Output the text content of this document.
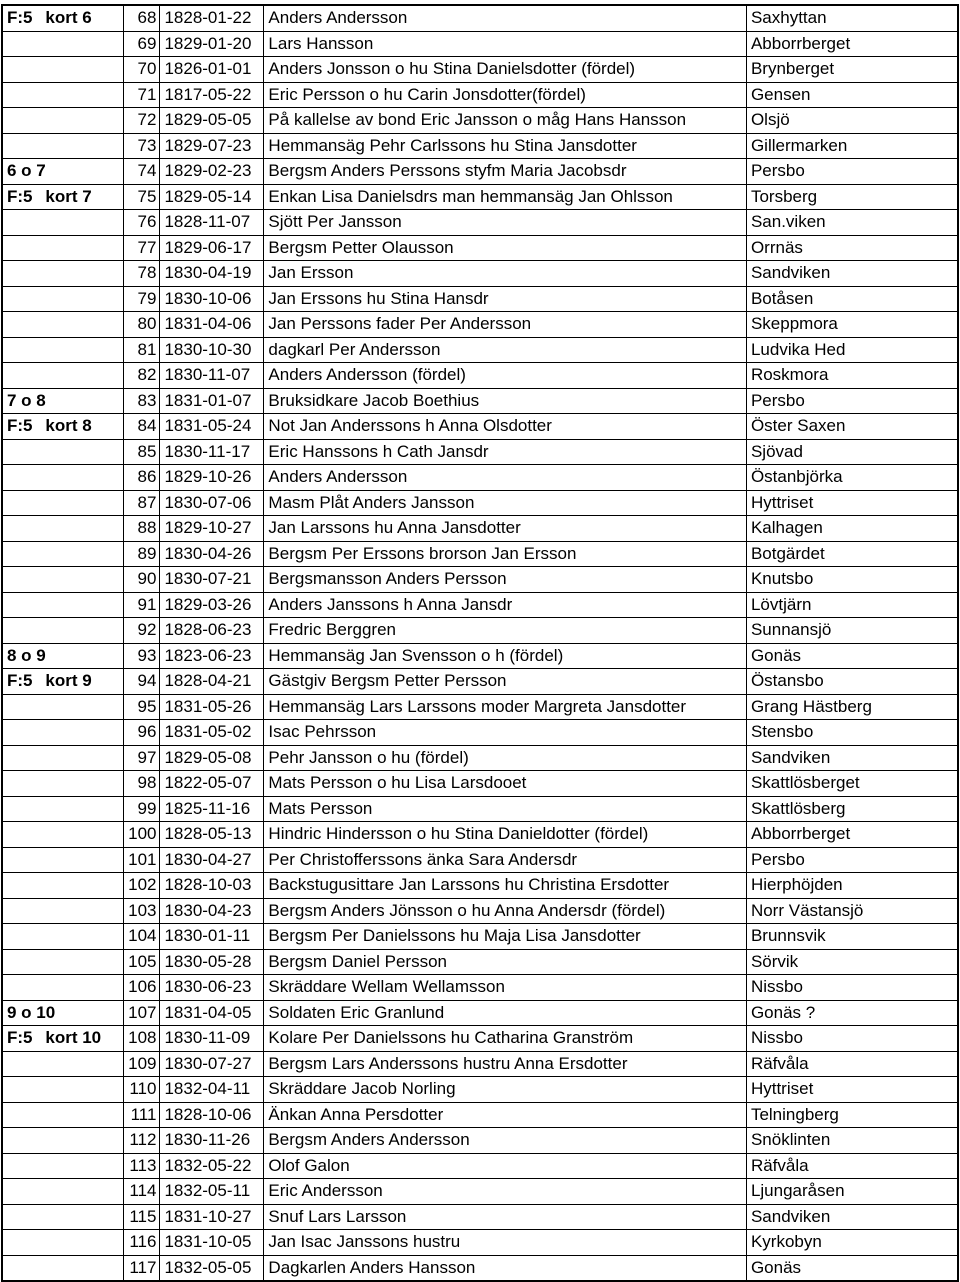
F:5	kort 6	68	1828-01-22	Anders Andersson	Saxhyttan
		69	1829-01-20	Lars Hansson	Abborrberget
		70	1826-01-01	Anders Jonsson o hu Stina Danielsdotter (fördel)	Brynberget
		71	1817-05-22	Eric Persson o hu Carin Jonsdotter(fördel)	Gensen
		72	1829-05-05	På kallelse av bond Eric Jansson o måg Hans Hansson	Olsjö
		73	1829-07-23	Hemmansäg Pehr Carlssons hu Stina Jansdotter	Gillermarken
6 o 7		74	1829-02-23	Bergsm Anders Perssons styfm Maria Jacobsdr	Persbo
F:5	kort 7	75	1829-05-14	Enkan Lisa Danielsdrs man hemmansäg Jan Ohlsson	Torsberg
		76	1828-11-07	Sjött Per Jansson	San.viken
		77	1829-06-17	Bergsm Petter Olausson	Orrnäs
		78	1830-04-19	Jan Ersson	Sandviken
		79	1830-10-06	Jan Erssons hu Stina Hansdr	Botåsen
		80	1831-04-06	Jan Perssons fader Per Andersson	Skeppmora
		81	1830-10-30	dagkarl Per Andersson	Ludvika Hed
		82	1830-11-07	Anders Andersson (fördel)	Roskmora
7 o 8		83	1831-01-07	Bruksidkare Jacob Boethius	Persbo
F:5	kort 8	84	1831-05-24	Not Jan Anderssons h Anna Olsdotter	Öster Saxen
		85	1830-11-17	Eric Hanssons h Cath Jansdr	Sjövad
		86	1829-10-26	Anders Andersson	Östanbjörka
		87	1830-07-06	Masm Plåt Anders Jansson	Hyttriset
		88	1829-10-27	Jan Larssons hu Anna Jansdotter	Kalhagen
		89	1830-04-26	Bergsm Per Erssons brorson Jan Ersson	Botgärdet
		90	1830-07-21	Bergsmansson Anders Persson	Knutsbo
		91	1829-03-26	Anders Janssons h Anna Jansdr	Lövtjärn
		92	1828-06-23	Fredric Berggren	Sunnansjö
8 o 9		93	1823-06-23	Hemmansäg Jan Svensson o h (fördel)	Gonäs
F:5	kort 9	94	1828-04-21	Gästgiv Bergsm Petter Persson	Östansbo
		95	1831-05-26	Hemmansäg Lars Larssons moder Margreta Jansdotter	Grang Hästberg
		96	1831-05-02	Isac Pehrsson	Stensbo
		97	1829-05-08	Pehr Jansson o hu (fördel)	Sandviken
		98	1822-05-07	Mats Persson o hu Lisa Larsdooet	Skattlösberget
		99	1825-11-16	Mats Persson	Skattlösberg
		100	1828-05-13	Hindric Hindersson o hu Stina Danieldotter (fördel)	Abborrberget
		101	1830-04-27	Per Christofferssons änka Sara Andersdr	Persbo
		102	1828-10-03	Backstugusittare Jan Larssons hu Christina Ersdotter	Hierphöjden
		103	1830-04-23	Bergsm Anders Jönsson o hu Anna Andersdr (fördel)	Norr Västansjö
		104	1830-01-11	Bergsm Per Danielssons hu Maja Lisa Jansdotter	Brunnsvik
		105	1830-05-28	Bergsm Daniel Persson	Sörvik
		106	1830-06-23	Skräddare Wellam Wellamsson	Nissbo
9 o 10		107	1831-04-05	Soldaten Eric Granlund	Gonäs ?
F:5	kort 10	108	1830-11-09	Kolare Per Danielssons hu Catharina Granström	Nissbo
		109	1830-07-27	Bergsm Lars Anderssons hustru Anna Ersdotter	Räfvåla
		110	1832-04-11	Skräddare Jacob Norling	Hyttriset
		111	1828-10-06	Änkan Anna Persdotter	Telningberg
		112	1830-11-26	Bergsm Anders Andersson	Snöklinten
		113	1832-05-22	Olof Galon	Räfvåla
		114	1832-05-11	Eric Andersson	Ljungaråsen
		115	1831-10-27	Snuf Lars Larsson	Sandviken
		116	1831-10-05	Jan Isac Janssons hustru	Kyrkobyn
		117	1832-05-05	Dagkarlen Anders Hansson	Gonäs
